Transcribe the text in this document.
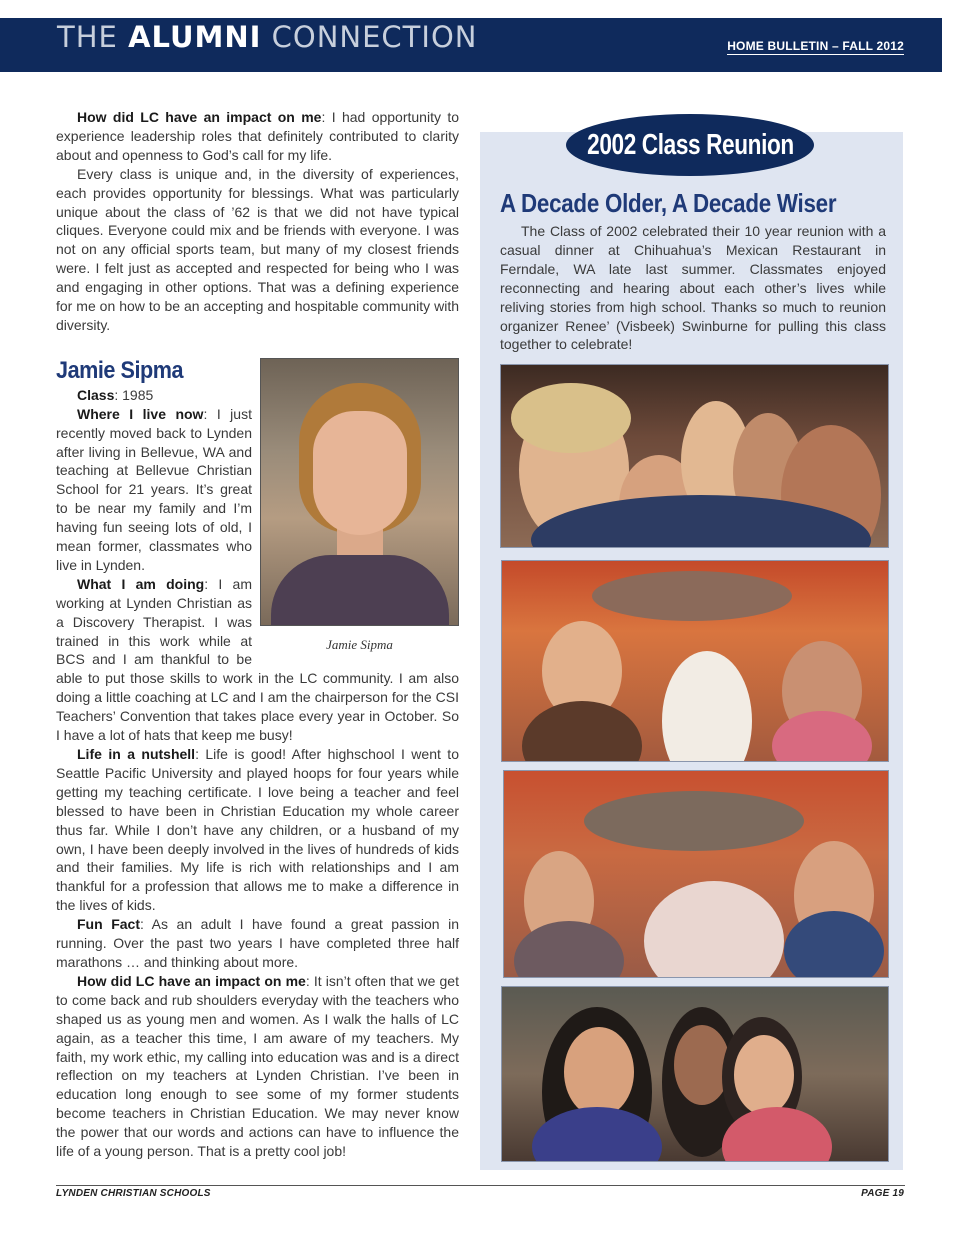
THE ALUMNI CONNECTION	HOME BULLETIN – FALL 2012

How did LC have an impact on me: I had opportunity to experience leadership roles that definitely contributed to clarity about and openness to God’s call for my life.

Every class is unique and, in the diversity of experiences, each provides opportunity for blessings. What was particularly unique about the class of ’62 is that we did not have typical cliques. Everyone could mix and be friends with everyone. I was not on any official sports team, but many of my closest friends were. I felt just as accepted and respected for being who I was and engaging in other options. That was a defining experience for me on how to be an accepting and hospitable community with diversity.

Jamie Sipma
Jamie Sipma

Class: 1985

Where I live now: I just recently moved back to Lynden after living in Bellevue, WA and teaching at Bellevue Christian School for 21 years. It’s great to be near my family and I’m having fun seeing lots of old, I mean former, classmates who live in Lynden.

What I am doing: I am working at Lynden Christian as a Discovery Therapist. I was trained in this work while at BCS and I am thankful to be able to put those skills to work in the LC community. I am also doing a little coaching at LC and I am the chairperson for the CSI Teachers’ Convention that takes place every year in October. So I have a lot of hats that keep me busy!

Life in a nutshell: Life is good! After highschool I went to Seattle Pacific University and played hoops for four years while getting my teaching certificate. I love being a teacher and feel blessed to have been in Christian Education my whole career thus far. While I don’t have any children, or a husband of my own, I have been deeply involved in the lives of hundreds of kids and their families. My life is rich with relationships and I am thankful for a profession that allows me to make a difference in the lives of kids.

Fun Fact: As an adult I have found a great passion in running. Over the past two years I have completed three half marathons … and thinking about more.

How did LC have an impact on me: It isn’t often that we get to come back and rub shoulders everyday with the teachers who shaped us as young men and women. As I walk the halls of LC again, as a teacher this time, I am aware of my teachers. My faith, my work ethic, my calling into education was and is a direct reflection on my teachers at Lynden Christian. I’ve been in education long enough to see some of my former students become teachers in Christian Education. We may never know the power that our words and actions can have to influence the life of a young person. That is a pretty cool job!

2002 Class Reunion
A Decade Older, A Decade Wiser

The Class of 2002 celebrated their 10 year reunion with a casual dinner at Chihuahua’s Mexican Restaurant in Ferndale, WA late last summer. Classmates enjoyed reconnecting and hearing about each other’s lives while reliving stories from high school. Thanks so much to reunion organizer Renee’ (Visbeek) Swinburne for pulling this class together to celebrate!

LYNDEN CHRISTIAN SCHOOLS	PAGE 19
